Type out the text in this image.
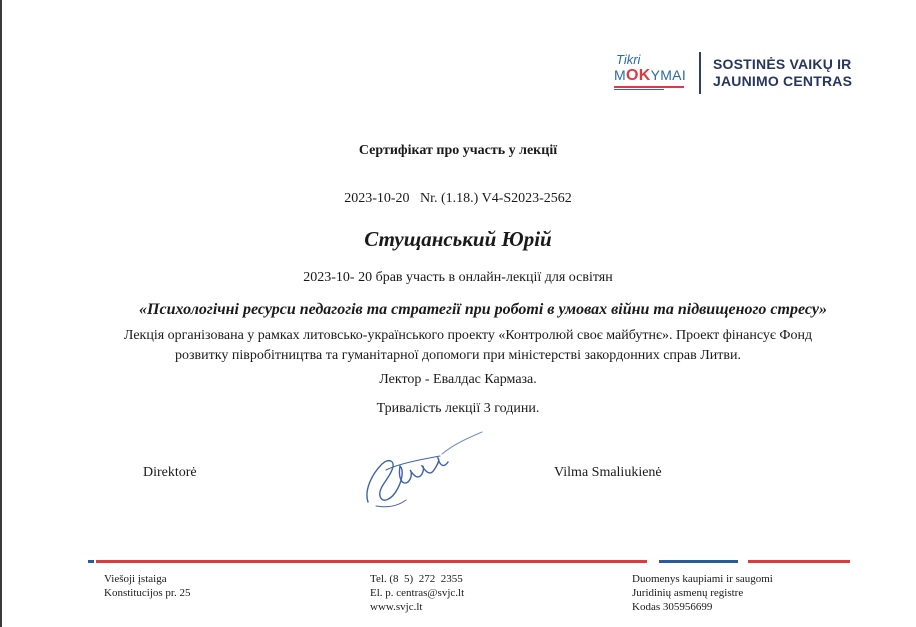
Tikri
MOKYMAI
SOSTINĖS VAIKŲ IR
JAUNIMO CENTRAS
Сертифікат про участь у лекції
2023-10-20   Nr. (1.18.) V4-S2023-2562
Стущанський Юрій
2023-10- 20 брав участь в онлайн-лекції для освітян
«Психологічні ресурси педагогів та стратегії при роботі в умовах війни та підвищеного стресу»
Лекція організована у рамках литовсько-українського проекту «Контролюй своє майбутнє». Проект фінансує Фонд
розвитку півробітництва та гуманітарної допомоги при міністерстві закордонних справ Литви.
Лектор - Евалдас Кармаза.
Тривалість лекції 3 години.
Direktorė	Vilma Smaliukienė
Viešoji įstaiga
Konstitucijos pr. 25
Tel. (8  5)  272  2355
El. p. centras@svjc.lt
www.svjc.lt
Duomenys kaupiami ir saugomi
Juridinių asmenų registre
Kodas 305956699
